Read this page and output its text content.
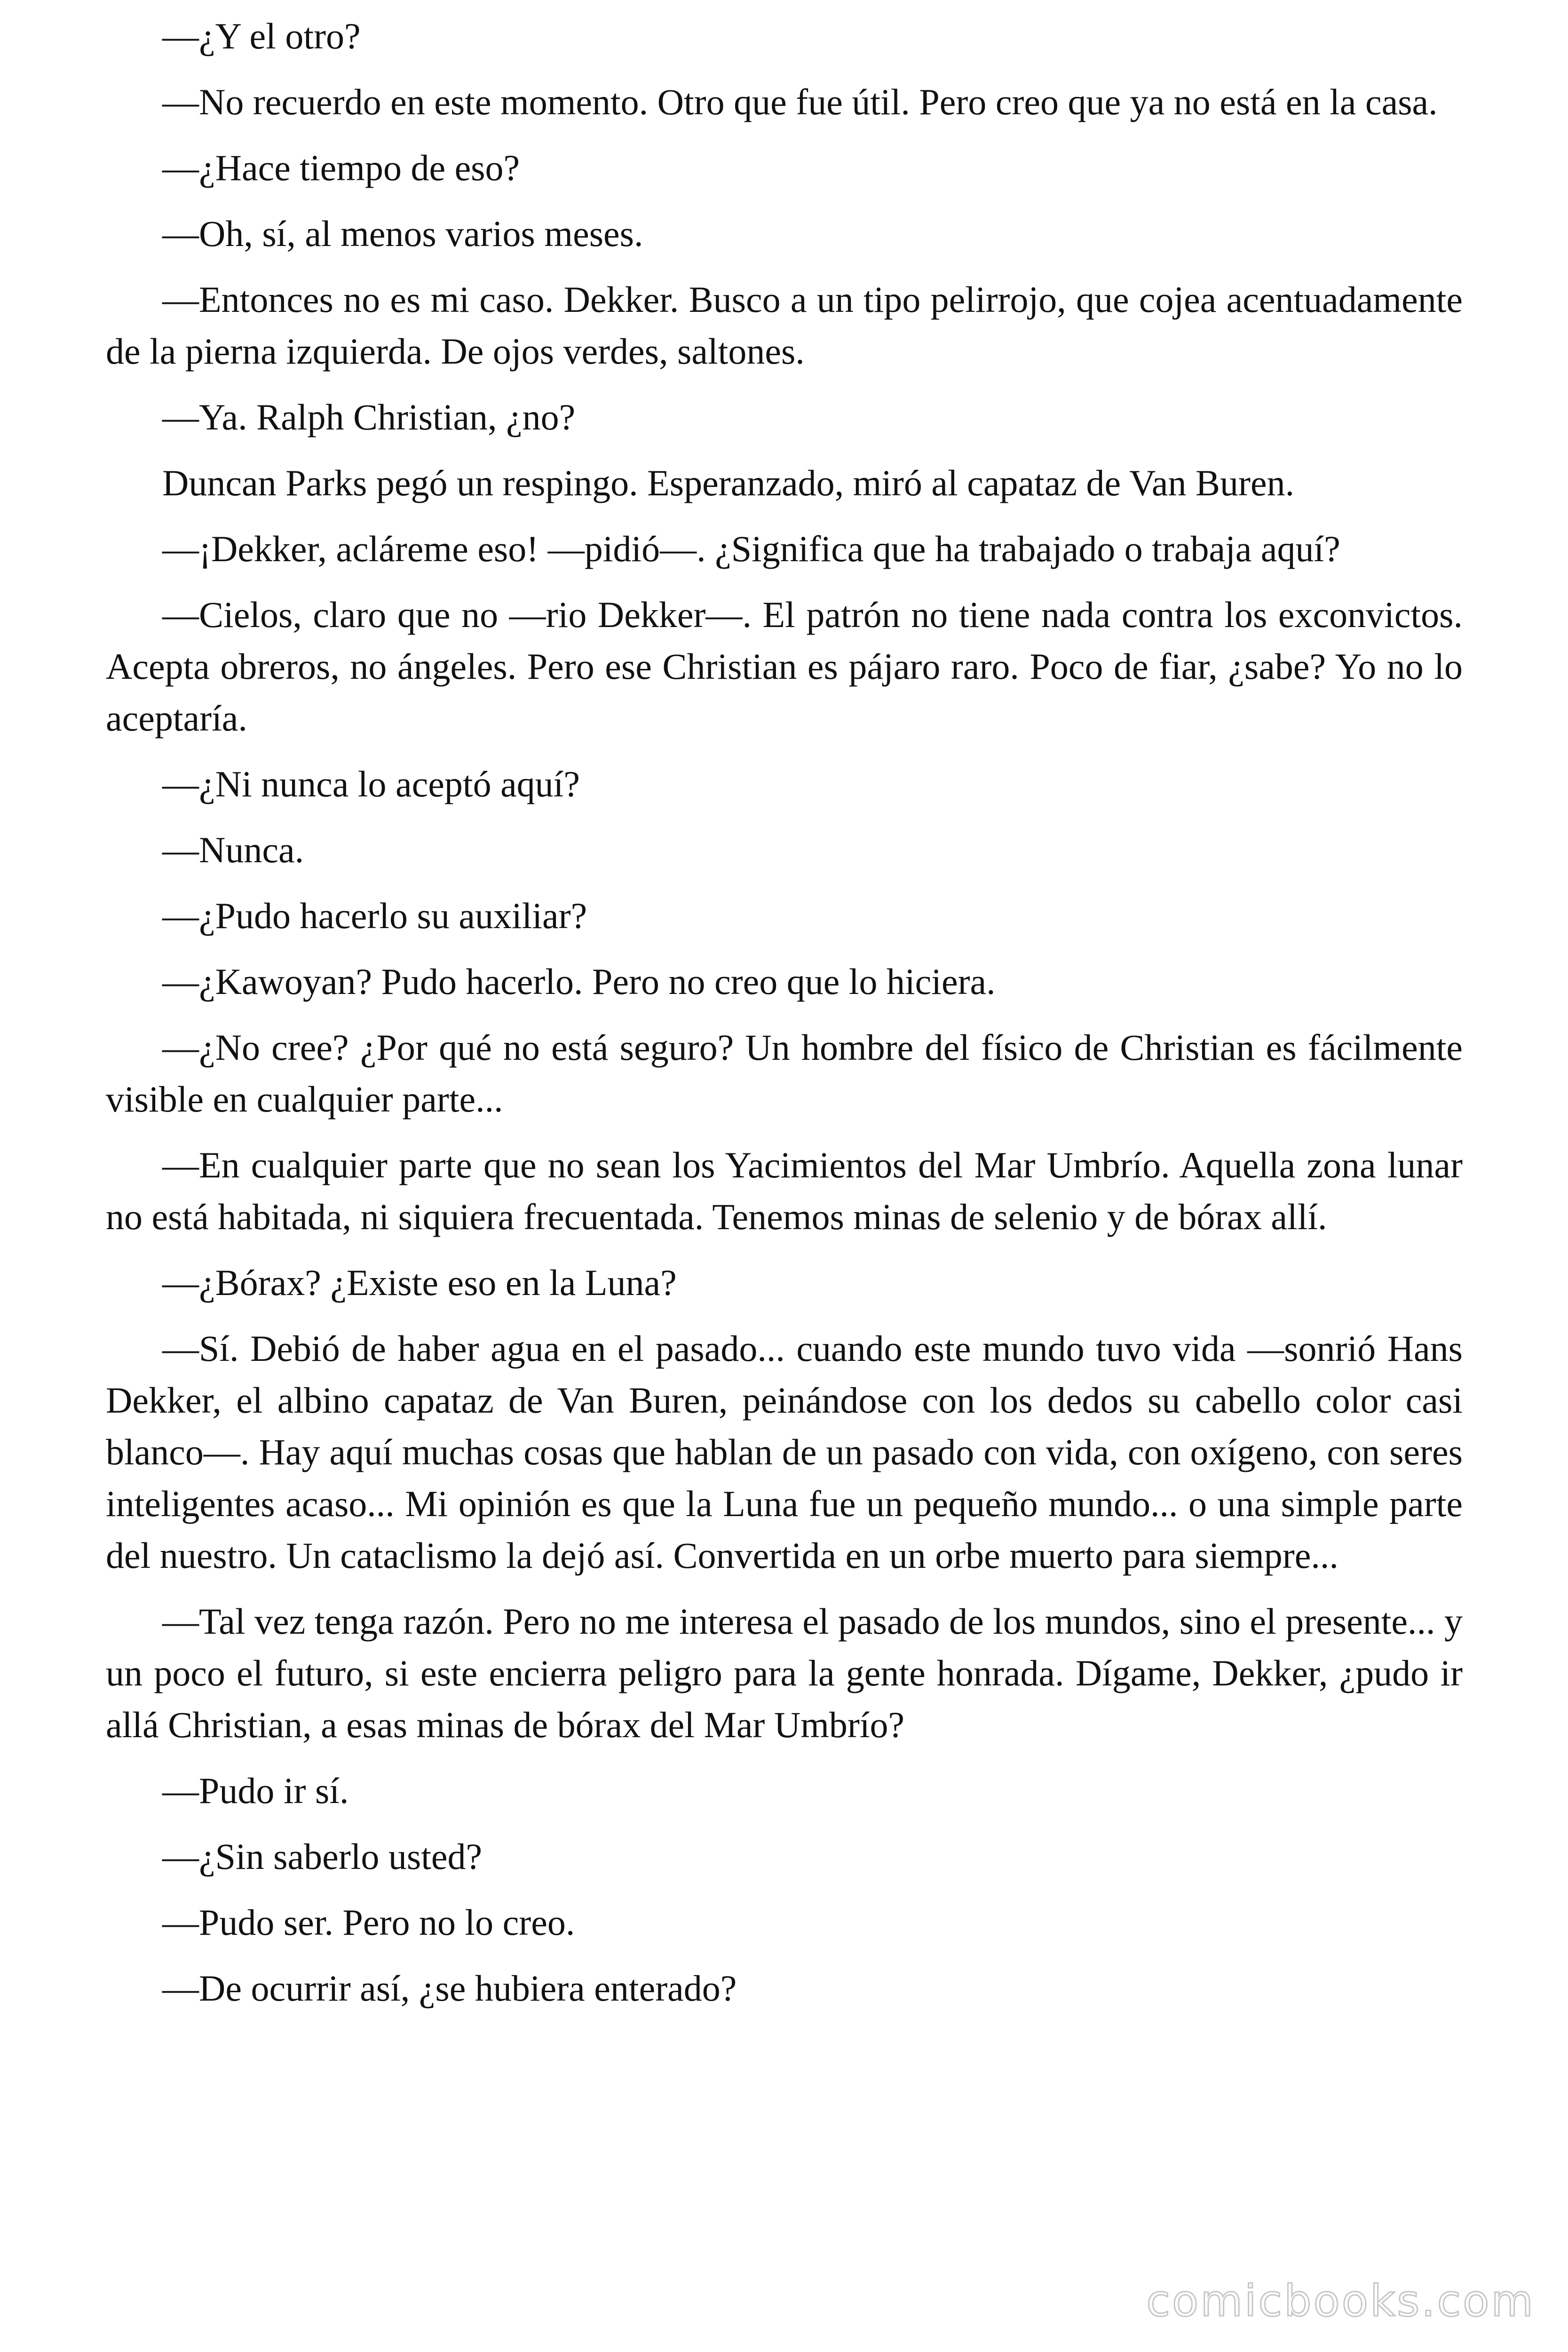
—¿Y el otro?

—No recuerdo en este momento. Otro que fue útil. Pero creo que ya no está en la casa.

—¿Hace tiempo de eso?

—Oh, sí, al menos varios meses.

—Entonces no es mi caso. Dekker. Busco a un tipo pelirrojo, que cojea acentuadamente de la pierna izquierda. De ojos verdes, saltones.

—Ya. Ralph Christian, ¿no?

Duncan Parks pegó un respingo. Esperanzado, miró al capataz de Van Buren.

—¡Dekker, acláreme eso! —pidió—. ¿Significa que ha trabajado o trabaja aquí?

—Cielos, claro que no —rio Dekker—. El patrón no tiene nada contra los exconvictos. Acepta obreros, no ángeles. Pero ese Christian es pájaro raro. Poco de fiar, ¿sabe? Yo no lo aceptaría.

—¿Ni nunca lo aceptó aquí?

—Nunca.

—¿Pudo hacerlo su auxiliar?

—¿Kawoyan? Pudo hacerlo. Pero no creo que lo hiciera.

—¿No cree? ¿Por qué no está seguro? Un hombre del físico de Christian es fácilmente visible en cualquier parte...

—En cualquier parte que no sean los Yacimientos del Mar Umbrío. Aquella zona lunar no está habitada, ni siquiera frecuentada. Tenemos minas de selenio y de bórax allí.

—¿Bórax? ¿Existe eso en la Luna?

—Sí. Debió de haber agua en el pasado... cuando este mundo tuvo vida —sonrió Hans Dekker, el albino capataz de Van Buren, peinándose con los dedos su cabello color casi blanco—. Hay aquí muchas cosas que hablan de un pasado con vida, con oxígeno, con seres inteligentes acaso... Mi opinión es que la Luna fue un pequeño mundo... o una simple parte del nuestro. Un cataclismo la dejó así. Convertida en un orbe muerto para siempre...

—Tal vez tenga razón. Pero no me interesa el pasado de los mundos, sino el presente... y un poco el futuro, si este encierra peligro para la gente honrada. Dígame, Dekker, ¿pudo ir allá Christian, a esas minas de bórax del Mar Umbrío?

—Pudo ir sí.

—¿Sin saberlo usted?

—Pudo ser. Pero no lo creo.

—De ocurrir así, ¿se hubiera enterado?

comicbooks.com
